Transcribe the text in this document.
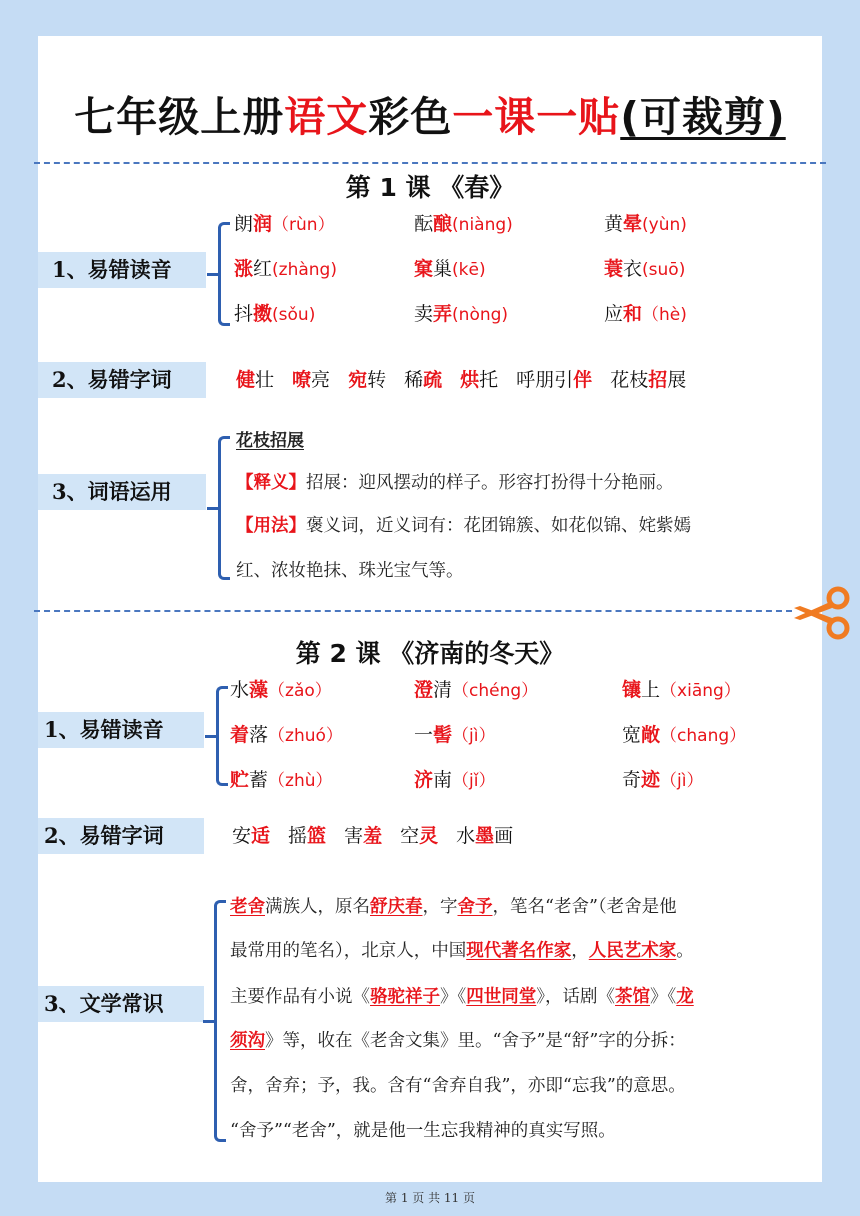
七年级上册语文彩色一课一贴(可裁剪)
第 1 课 《春》
1、易错读音
朗润（rùn）	酝酿(niàng)	黄晕(yùn)
涨红(zhàng)	窠巢(kē)	蓑衣(suō)
抖擞(sǒu)	卖弄(nòng)	应和（hè)
2、易错字词	健壮 嘹亮 宛转 稀疏 烘托 呼朋引伴 花枝招展
3、词语运用
花枝招展
【释义】招展：迎风摆动的样子。形容打扮得十分艳丽。
【用法】褒义词，近义词有：花团锦簇、如花似锦、姹紫嫣
红、浓妆艳抹、珠光宝气等。
第 2 课 《济南的冬天》
1、易错读音
水藻（zǎo）	澄清（chéng）	镶上（xiāng）
着落（zhuó）	一髻（jì）	宽敞（chang）
贮蓄（zhù）	济南（jǐ）	奇迹（jì）
2、易错字词	安适 摇篮 害羞 空灵 水墨画
3、文学常识
老舍满族人，原名舒庆春，字舍予，笔名“老舍”（老舍是他
最常用的笔名），北京人，中国现代著名作家，人民艺术家。
主要作品有小说《骆驼祥子》《四世同堂》，话剧《茶馆》《龙
须沟》等，收在《老舍文集》里。“舍予”是“舒”字的分拆：
舍，舍弃；予，我。含有“舍弃自我”，亦即“忘我”的意思。
“舍予”“老舍”，就是他一生忘我精神的真实写照。
第 1 页 共 11 页
